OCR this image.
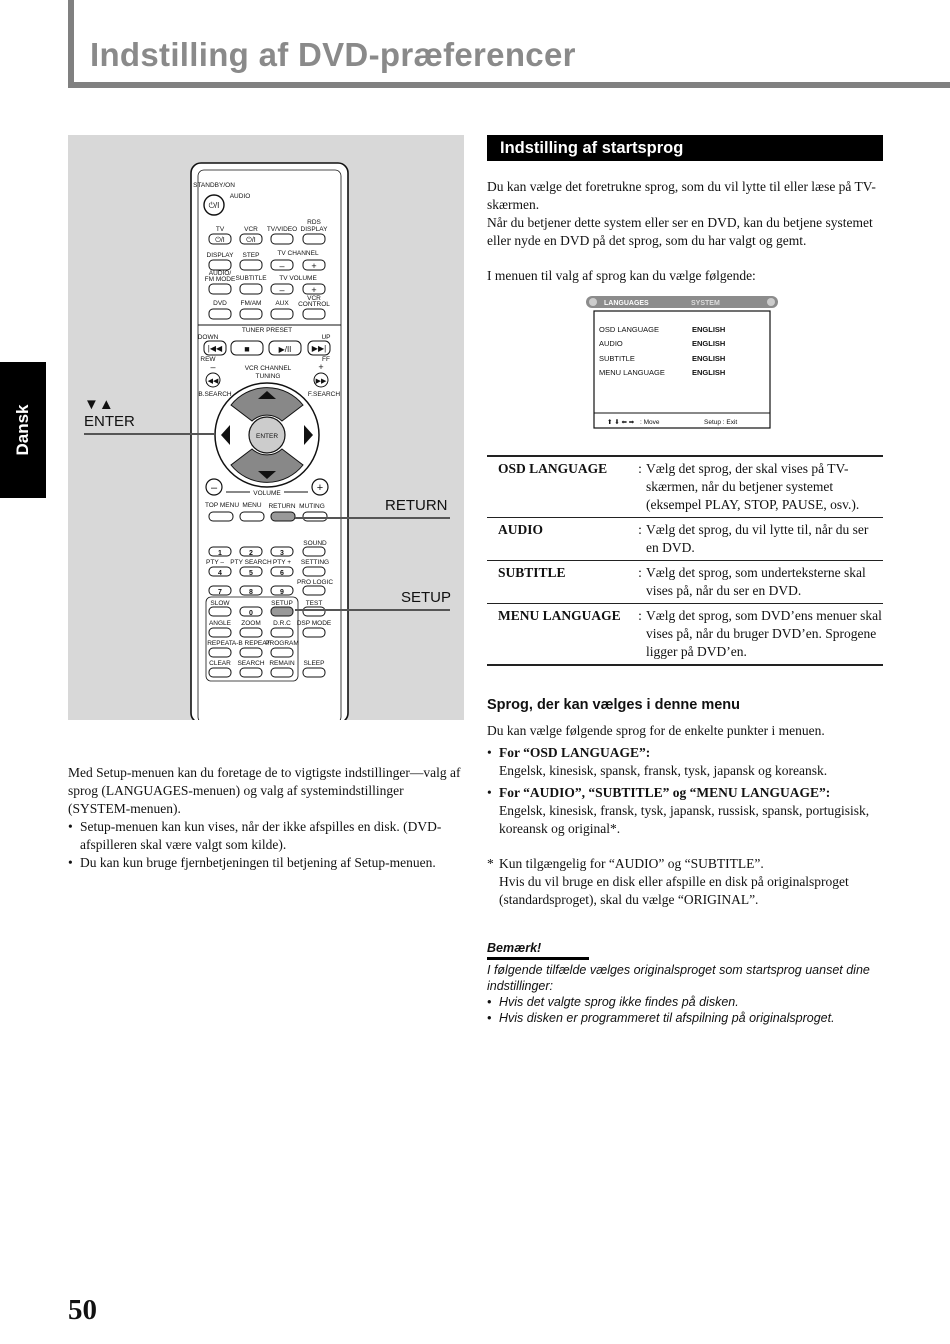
Indstilling af DVD-præferencer
Dansk
STANDBY/ON
AUDIO
⏻/I
TV	VCR TV/VIDEO
RDS
DISPLAY
⏻/I	⏻/I
DISPLAY STEP	TV CHANNEL
–	+
AUDIO/
FM MODE SUBTITLE TV VOLUME
–	+
DVD FM/AM AUX
VCR
CONTROL
TUNER PRESET
DOWN	UP
|◀◀ ■	▶/II	▶▶|
REW	FF
VCR CHANNEL
TUNING
◀◀	▶▶
–	+
B.SEARCH	F.SEARCH
ENTER
–	+
VOLUME
TOP MENU MENU RETURN MUTING
SOUND
1	2	3
PTY – PTY SEARCH PTY + SETTING
4	5	6
PRO LOGIC
7	8	9
SLOW	SETUP TEST
0
ANGLE ZOOM D.R.C DSP MODE
REPEAT A-B REPEAT
PROGRAM
CLEAR SEARCH REMAIN SLEEP
▼▲
ENTER
RETURN
SETUP

Med Setup-menuen kan du foretage de to vigtigste indstillinger—valg af sprog (LANGUAGES-menuen) og valg af systemindstillinger (SYSTEM-menuen).

• Setup-menuen kan kun vises, når der ikke afspilles en disk. (DVD-afspilleren skal være valgt som kilde).
• Du kan kun bruge fjernbetjeningen til betjening af Setup-menuen.
Indstilling af startsprog

Du kan vælge det foretrukne sprog, som du vil lytte til eller læse på TV-skærmen.

Når du betjener dette system eller ser en DVD, kan du betjene systemet eller nyde en DVD på det sprog, som du har valgt og gemt.

I menuen til valg af sprog kan du vælge følgende:

LANGUAGES	SYSTEM
OSD LANGUAGE	ENGLISH
AUDIO	ENGLISH
SUBTITLE	ENGLISH
MENU LANGUAGE	ENGLISH
⬆ ⬇ ⬅ ➡ : Move	Setup : Exit
OSD LANGUAGE	:	Vælg det sprog, der skal vises på TV-skærmen, når du betjener systemet (eksempel PLAY, STOP, PAUSE, osv.).
AUDIO	:	Vælg det sprog, du vil lytte til, når du ser en DVD.
SUBTITLE	:	Vælg det sprog, som underteksterne skal vises på, når du ser en DVD.
MENU LANGUAGE	:	Vælg det sprog, som DVD’ens menuer skal vises på, når du bruger DVD’en. Sprogene ligger på DVD’en.
Sprog, der kan vælges i denne menu

Du kan vælge følgende sprog for de enkelte punkter i menuen.

• For “OSD LANGUAGE”:
Engelsk, kinesisk, spansk, fransk, tysk, japansk og koreansk.
• For “AUDIO”, “SUBTITLE” og “MENU LANGUAGE”:
Engelsk, kinesisk, fransk, tysk, japansk, russisk, spansk, portugisisk, koreansk og original*.
* Kun tilgængelig for “AUDIO” og “SUBTITLE”.
Hvis du vil bruge en disk eller afspille en disk på originalsproget (standardsproget), skal du vælge “ORIGINAL”.
Bemærk!

I følgende tilfælde vælges originalsproget som startsprog uanset dine indstillinger:

• Hvis det valgte sprog ikke findes på disken.
• Hvis disken er programmeret til afspilning på originalsproget.
50
